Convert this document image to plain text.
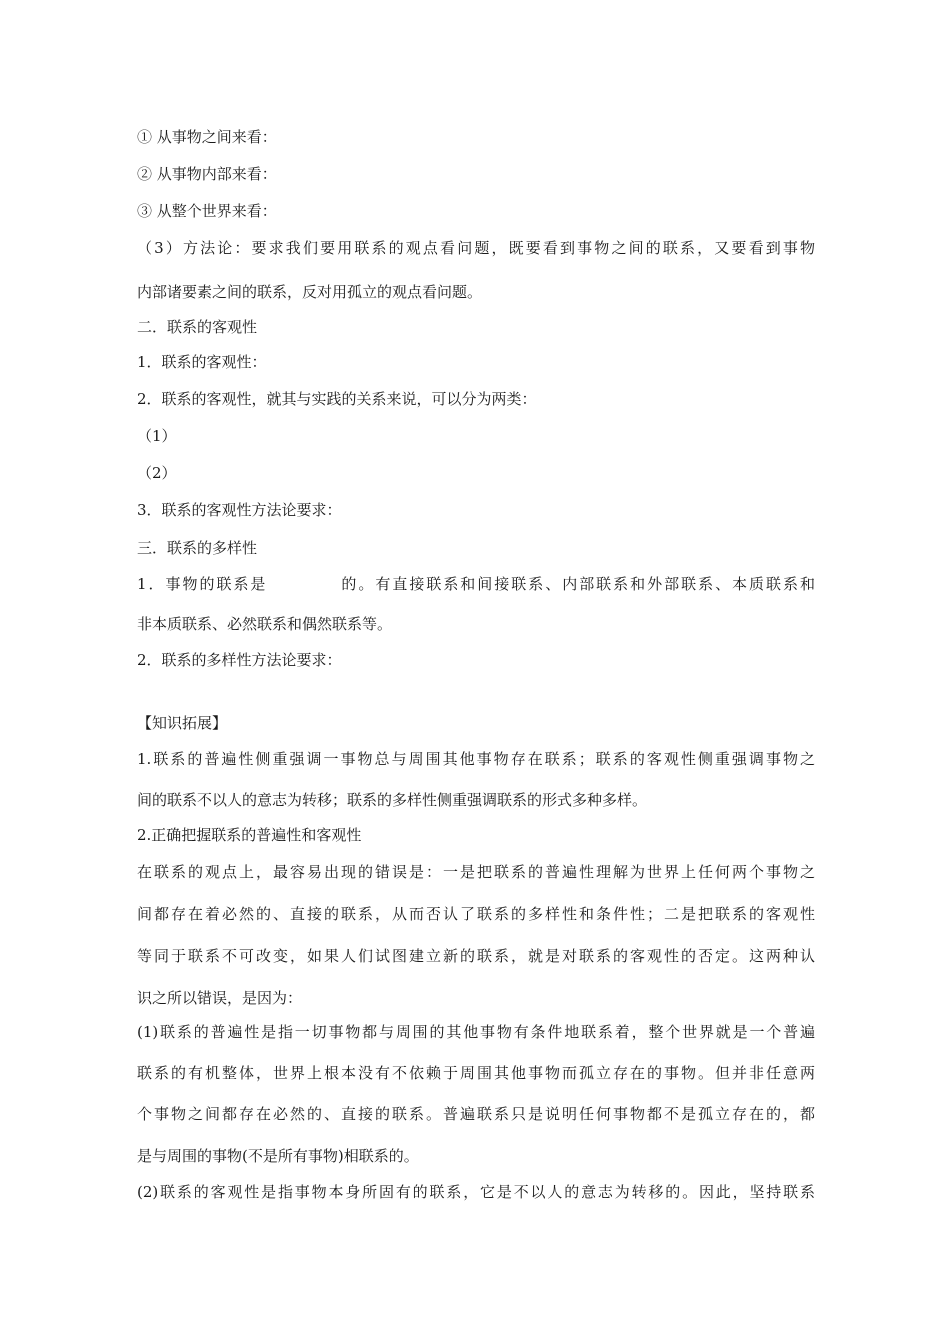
① 从事物之间来看：
② 从事物内部来看：
③ 从整个世界来看：
（3）方法论：要求我们要用联系的观点看问题，既要看到事物之间的联系，又要看到事物
内部诸要素之间的联系，反对用孤立的观点看问题。
二．联系的客观性
1．联系的客观性：
2．联系的客观性，就其与实践的关系来说，可以分为两类：
（1）
（2）
3．联系的客观性方法论要求：
三．联系的多样性
1．事物的联系是	的。有直接联系和间接联系、内部联系和外部联系、本质联系和
非本质联系、必然联系和偶然联系等。
2．联系的多样性方法论要求：
【知识拓展】
1.联系的普遍性侧重强调一事物总与周围其他事物存在联系；联系的客观性侧重强调事物之
间的联系不以人的意志为转移；联系的多样性侧重强调联系的形式多种多样。
2.正确把握联系的普遍性和客观性
在联系的观点上，最容易出现的错误是：一是把联系的普遍性理解为世界上任何两个事物之
间都存在着必然的、直接的联系，从而否认了联系的多样性和条件性；二是把联系的客观性
等同于联系不可改变，如果人们试图建立新的联系，就是对联系的客观性的否定。这两种认
识之所以错误，是因为：
(1)联系的普遍性是指一切事物都与周围的其他事物有条件地联系着，整个世界就是一个普遍
联系的有机整体，世界上根本没有不依赖于周围其他事物而孤立存在的事物。但并非任意两
个事物之间都存在必然的、直接的联系。普遍联系只是说明任何事物都不是孤立存在的，都
是与周围的事物(不是所有事物)相联系的。
(2)联系的客观性是指事物本身所固有的联系，它是不以人的意志为转移的。因此，坚持联系
